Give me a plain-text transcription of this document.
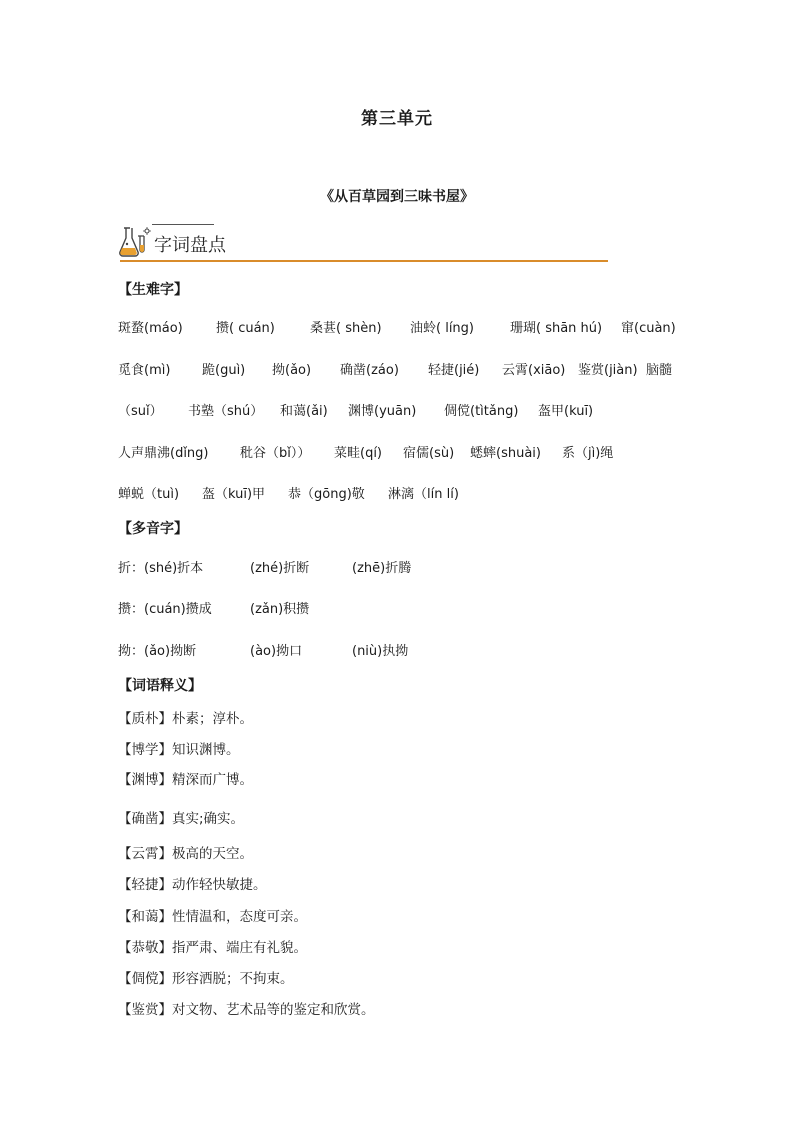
第三单元
《从百草园到三味书屋》
字词盘点
【生难字】
斑蝥(máo)	攒( cuán)	桑葚( shèn) 油蛉( líng)	珊瑚( shān hú) 窜(cuàn)
觅食(mì) 跪(guì) 拗(ǎo) 确凿(záo) 轻捷(jié) 云霄(xiāo) 鉴赏(jiàn) 脑髓
（suǐ） 书塾（shú） 和蔼(ǎi) 渊博(yuān) 倜傥(tìtǎng) 盔甲(kuī)
人声鼎沸(dǐng) 秕谷（bǐ）） 菜畦(qí) 宿儒(sù) 蟋蟀(shuài) 系（jì)绳
蝉蜕（tuì) 盔（kuī)甲 恭（gōng)敬 淋漓（lín lí)
【多音字】
折：(shé)折本	(zhé)折断	(zhē)折腾
攒：(cuán)攒成	(zǎn)积攒
拗：(ǎo)拗断	(ào)拗口	(niù)执拗
【词语释义】
【质朴】朴素；淳朴。
【博学】知识渊博。
【渊博】精深而广博。
【确凿】真实;确实。
【云霄】极高的天空。
【轻捷】动作轻快敏捷。
【和蔼】性情温和，态度可亲。
【恭敬】指严肃、端庄有礼貌。
【倜傥】形容洒脱；不拘束。
【鉴赏】对文物、艺术品等的鉴定和欣赏。
